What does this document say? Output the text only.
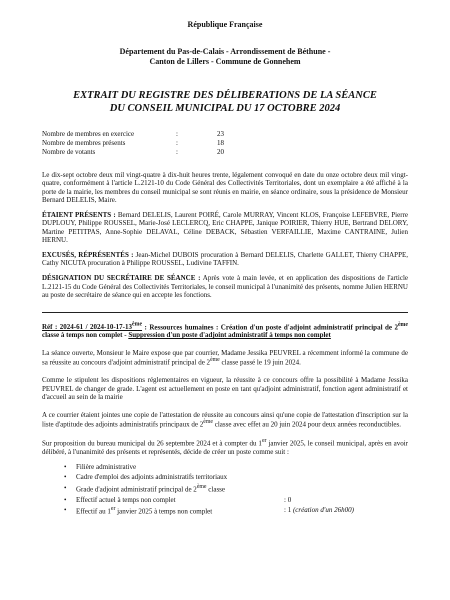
République Française

Département du Pas-de-Calais - Arrondissement de Béthune -

Canton de Lillers - Commune de Gonnehem

EXTRAIT DU REGISTRE DES DÉLIBERATIONS DE LA SÉANCE
DU CONSEIL MUNICIPAL DU 17 OCTOBRE 2024
Nombre de membres en exercice	:	23
Nombre de membres présents	:	18
Nombre de votants	:	20

Le dix-sept octobre deux mil vingt-quatre à dix-huit heures trente, légalement convoqué en date du onze octobre deux mil vingt-quatre, conformément à l'article L.2121-10 du Code Général des Collectivités Territoriales, dont un exemplaire a été affiché à la porte de la mairie, les membres du conseil municipal se sont réunis en mairie, en séance ordinaire, sous la présidence de Monsieur Bernard DELELIS, Maire.

ÉTAIENT PRÉSENTS : Bernard DELELIS, Laurent POIRÉ, Carole MURRAY, Vincent KLOS, Françoise LEFEBVRE, Pierre DUPLOUY, Philippe ROUSSEL, Marie-José LECLERCQ, Eric CHAPPE, Janique POIRIER, Thierry HUE, Bertrand DELORY, Martine PETITPAS, Anne-Sophie DELAVAL, Céline DEBACK, Sébastien VERFAILLIE, Maxime CANTRAINE, Julien HERNU.

EXCUSÉS, RÉPRÉSENTÉS : Jean-Michel DUBOIS procuration à Bernard DELELIS, Charlette GALLET, Thierry CHAPPE, Cathy NICUTA procuration à Philippe ROUSSEL, Ludivine TAFFIN.

DÉSIGNATION DU SECRÉTAIRE DE SÉANCE : Après vote à main levée, et en application des dispositions de l'article L.2121-15 du Code Général des Collectivités Territoriales, le conseil municipal à l'unanimité des présents, nomme Julien HERNU au poste de secrétaire de séance qui en accepte les fonctions.

Réf : 2024-61 / 2024-10-17-13ème : Ressources humaines : Création d'un poste d'adjoint administratif principal de 2ème classe à temps non complet - Suppression d'un poste d'adjoint administratif à temps non complet

La séance ouverte, Monsieur le Maire expose que par courrier, Madame Jessika PEUVREL a récemment informé la commune de sa réussite au concours d'adjoint administratif principal de 2ème classe passé le 19 juin 2024.

Comme le stipulent les dispositions réglementaires en vigueur, la réussite à ce concours offre la possibilité à Madame Jessika PEUVREL de changer de grade. L'agent est actuellement en poste en tant qu'adjoint administratif, fonction agent administratif et d'accueil au sein de la mairie

A ce courrier étaient jointes une copie de l'attestation de réussite au concours ainsi qu'une copie de l'attestation d'inscription sur la liste d'aptitude des adjoints administratifs principaux de 2ème classe avec effet au 20 juin 2024 pour deux années reconductibles.

Sur proposition du bureau municipal du 26 septembre 2024 et à compter du 1er janvier 2025, le conseil municipal, après en avoir délibéré, à l'unanimité des présents et représentés, décide de créer un poste comme suit :

• Filière administrative
• Cadre d'emploi des adjoints administratifs territoriaux
• Grade d'adjoint administratif principal de 2ème classe
• Effectif actuel à temps non complet	: 0
• Effectif au 1er janvier 2025 à temps non complet	: 1 (création d'un 26h00)
